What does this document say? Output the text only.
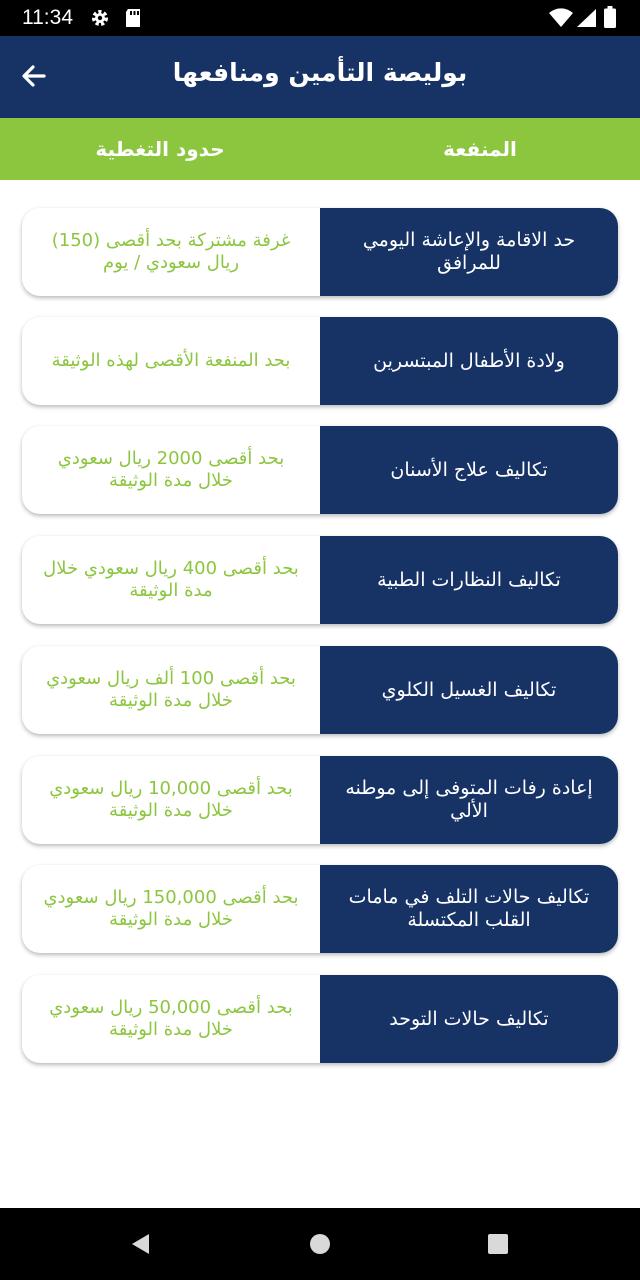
11:34
بوليصة التأمين ومنافعها
المنفعة
حدود التغطية
حد الاقامة والإعاشة اليومي للمرافق
غرفة مشتركة بحد أقصى (150) ريال سعودي / يوم
ولادة الأطفال المبتسرين
بحد المنفعة الأقصى لهذه الوثيقة
تكاليف علاج الأسنان
بحد أقصى 2000 ريال سعودي خلال مدة الوثيقة
تكاليف النظارات الطبية
بحد أقصى 400 ريال سعودي خلال مدة الوثيقة
تكاليف الغسيل الكلوي
بحد أقصى 100 ألف ريال سعودي خلال مدة الوثيقة
إعادة رفات المتوفى إلى موطنه الألي
بحد أقصى 10,000 ريال سعودي خلال مدة الوثيقة
تكاليف حالات التلف في مامات القلب المكتسلة
بحد أقصى 150,000 ريال سعودي خلال مدة الوثيقة
تكاليف حالات التوحد
بحد أقصى 50,000 ريال سعودي خلال مدة الوثيقة
